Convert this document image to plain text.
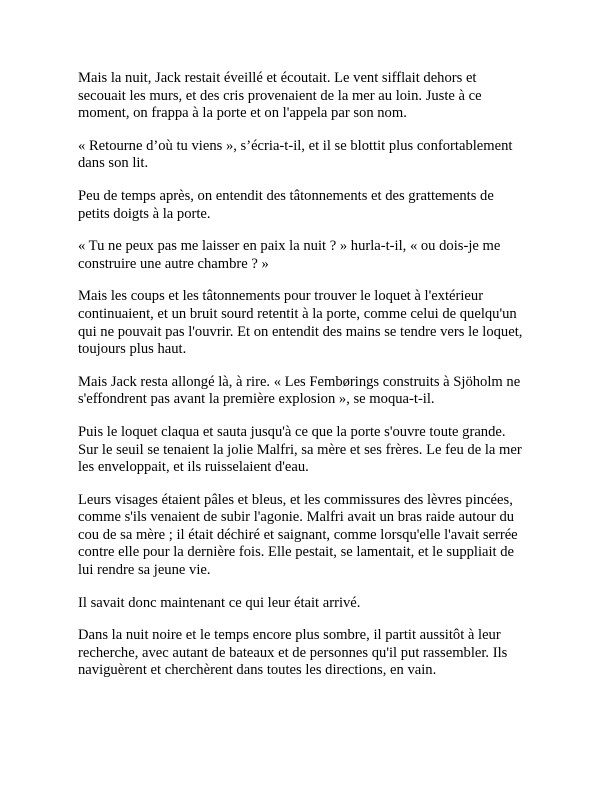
Mais la nuit, Jack restait éveillé et écoutait. Le vent sifflait dehors et
secouait les murs, et des cris provenaient de la mer au loin. Juste à ce
moment, on frappa à la porte et on l'appela par son nom.

« Retourne d’où tu viens », s’écria-t-il, et il se blottit plus confortablement
dans son lit.

Peu de temps après, on entendit des tâtonnements et des grattements de
petits doigts à la porte.

« Tu ne peux pas me laisser en paix la nuit ? » hurla-t-il, « ou dois-je me
construire une autre chambre ? »

Mais les coups et les tâtonnements pour trouver le loquet à l'extérieur
continuaient, et un bruit sourd retentit à la porte, comme celui de quelqu'un
qui ne pouvait pas l'ouvrir. Et on entendit des mains se tendre vers le loquet,
toujours plus haut.

Mais Jack resta allongé là, à rire. « Les Fembørings construits à Sjöholm ne
s'effondrent pas avant la première explosion », se moqua-t-il.

Puis le loquet claqua et sauta jusqu'à ce que la porte s'ouvre toute grande.
Sur le seuil se tenaient la jolie Malfri, sa mère et ses frères. Le feu de la mer
les enveloppait, et ils ruisselaient d'eau.

Leurs visages étaient pâles et bleus, et les commissures des lèvres pincées,
comme s'ils venaient de subir l'agonie. Malfri avait un bras raide autour du
cou de sa mère ; il était déchiré et saignant, comme lorsqu'elle l'avait serrée
contre elle pour la dernière fois. Elle pestait, se lamentait, et le suppliait de
lui rendre sa jeune vie.

Il savait donc maintenant ce qui leur était arrivé.

Dans la nuit noire et le temps encore plus sombre, il partit aussitôt à leur
recherche, avec autant de bateaux et de personnes qu'il put rassembler. Ils
naviguèrent et cherchèrent dans toutes les directions, en vain.
